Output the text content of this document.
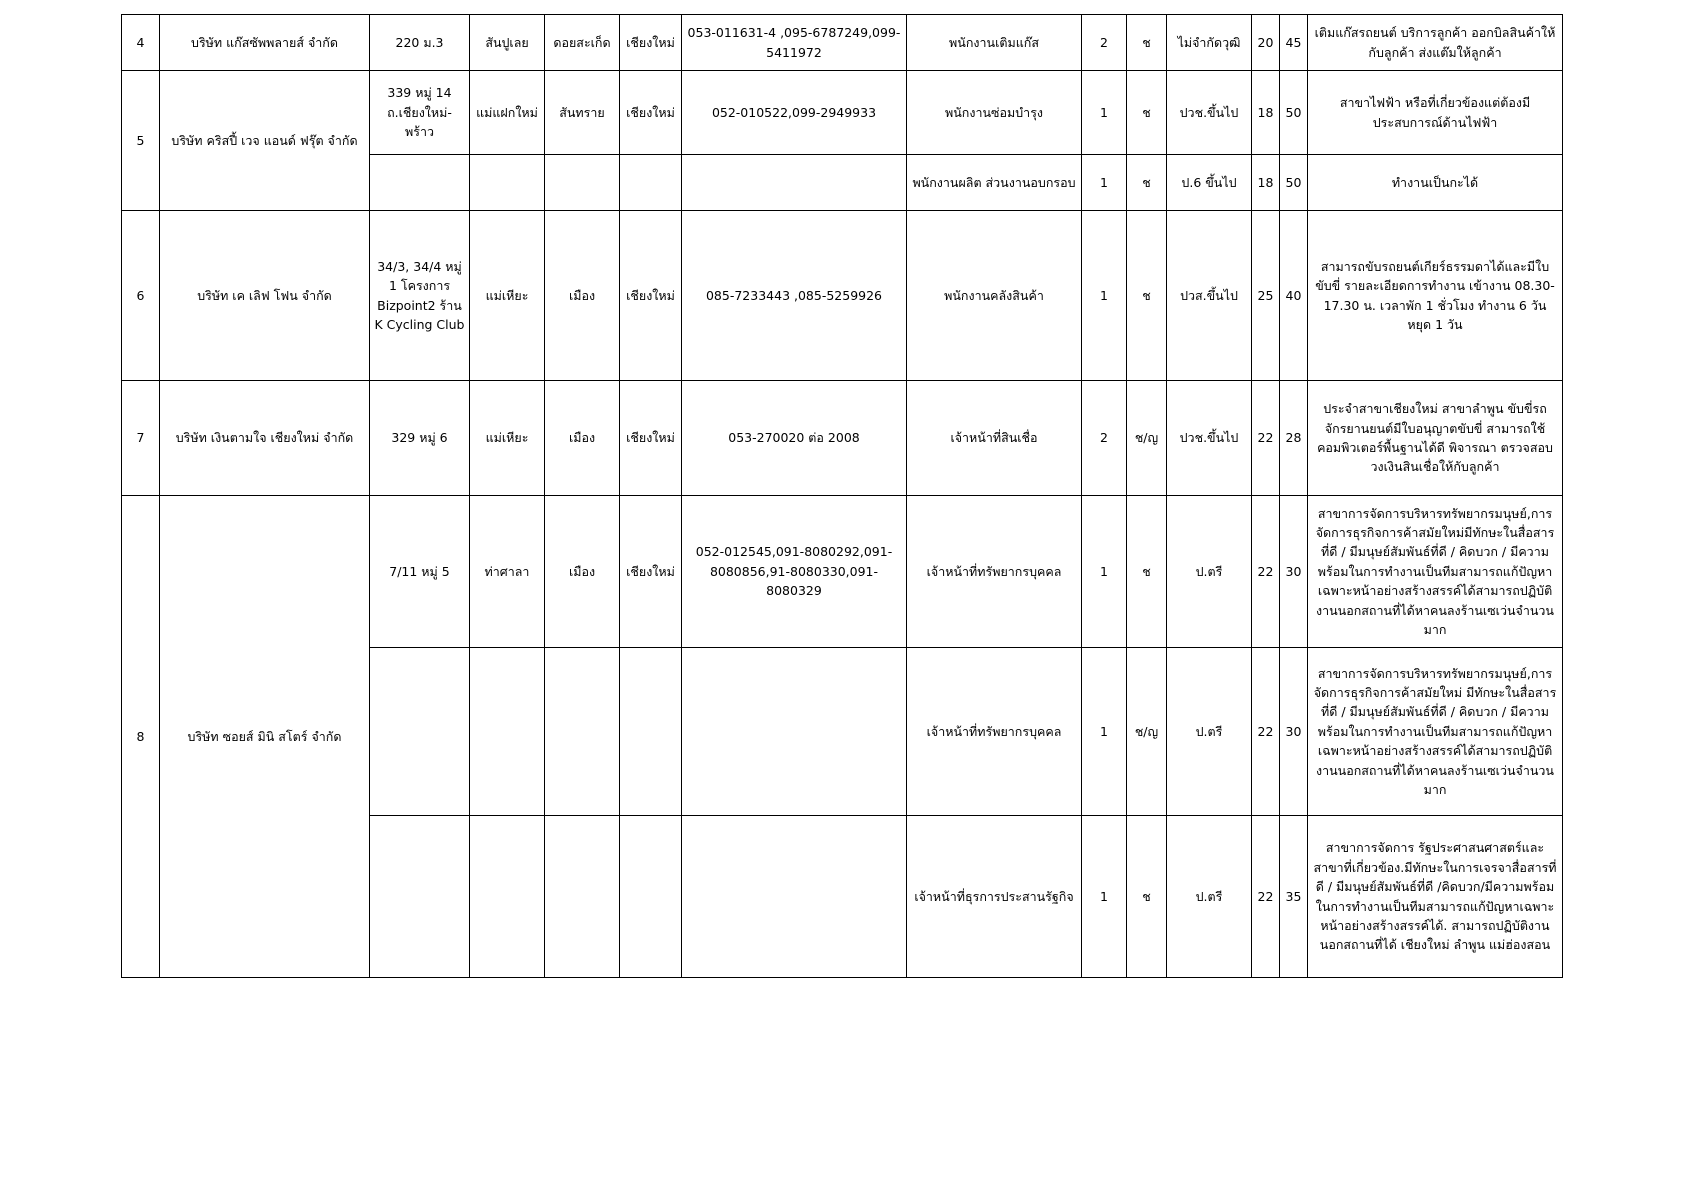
4	บริษัท แก๊สซัพพลายส์ จำกัด	220 ม.3	สันปูเลย	ดอยสะเก็ด	เชียงใหม่	053-011631-4 ,095-6787249,099-5411972	พนักงานเติมแก๊ส	2	ช	ไม่จำกัดวุฒิ	20	45	เติมแก๊สรถยนต์ บริการลูกค้า ออกบิลสินค้าให้กับลูกค้า ส่งแต๊มให้ลูกค้า
5	บริษัท คริสปี้ เวจ แอนด์ ฟรุ๊ต จำกัด	339 หมู่ 14 ถ.เชียงใหม่-พร้าว	แม่แฝกใหม่	สันทราย	เชียงใหม่	052-010522,099-2949933	พนักงานซ่อมบำรุง	1	ช	ปวช.ขึ้นไป	18	50	สาขาไฟฟ้า หรือที่เกี่ยวข้องแต่ต้องมีประสบการณ์ด้านไฟฟ้า
							พนักงานผลิต ส่วนงานอบกรอบ	1	ช	ป.6 ขึ้นไป	18	50	ทำงานเป็นกะได้
6	บริษัท เค เลิฟ โฟน จำกัด	34/3, 34/4 หมู่ 1 โครงการ Bizpoint2 ร้าน K Cycling Club	แม่เหียะ	เมือง	เชียงใหม่	085-7233443 ,085-5259926	พนักงานคลังสินค้า	1	ช	ปวส.ขึ้นไป	25	40	สามารถขับรถยนต์เกียร์ธรรมดาได้และมีใบขับขี่ รายละเอียดการทำงาน เข้างาน 08.30-17.30 น. เวลาพัก 1 ชั่วโมง ทำงาน 6 วันหยุด 1 วัน
7	บริษัท เงินตามใจ เชียงใหม่ จำกัด	329 หมู่ 6	แม่เหียะ	เมือง	เชียงใหม่	053-270020 ต่อ 2008	เจ้าหน้าที่สินเชื่อ	2	ช/ญ	ปวช.ขึ้นไป	22	28	ประจำสาขาเชียงใหม่ สาขาลำพูน ขับขี่รถจักรยานยนต์มีใบอนุญาตขับขี่ สามารถใช้คอมพิวเตอร์พื้นฐานได้ดี พิจารณา ตรวจสอบ วงเงินสินเชื่อให้กับลูกค้า
8	บริษัท ซอยส์ มินิ สโตร์ จำกัด	7/11 หมู่ 5	ท่าศาลา	เมือง	เชียงใหม่	052-012545,091-8080292,091-8080856,91-8080330,091-8080329	เจ้าหน้าที่ทรัพยากรบุคคล	1	ช	ป.ตรี	22	30	สาขาการจัดการบริหารทรัพยากรมนุษย์,การจัดการธุรกิจการค้าสมัยใหม่มีทักษะในสื่อสารที่ดี / มีมนุษย์สัมพันธ์ที่ดี / คิดบวก / มีความพร้อมในการทำงานเป็นทีมสามารถแก้ปัญหาเฉพาะหน้าอย่างสร้างสรรค์ได้สามารถปฏิบัติงานนอกสถานที่ได้หาคนลงร้านเซเว่นจำนวนมาก
							เจ้าหน้าที่ทรัพยากรบุคคล	1	ช/ญ	ป.ตรี	22	30	สาขาการจัดการบริหารทรัพยากรมนุษย์,การจัดการธุรกิจการค้าสมัยใหม่ มีทักษะในสื่อสารที่ดี / มีมนุษย์สัมพันธ์ที่ดี / คิดบวก / มีความพร้อมในการทำงานเป็นทีมสามารถแก้ปัญหาเฉพาะหน้าอย่างสร้างสรรค์ได้สามารถปฏิบัติงานนอกสถานที่ได้หาคนลงร้านเซเว่นจำนวนมาก
							เจ้าหน้าที่ธุรการประสานรัฐกิจ	1	ช	ป.ตรี	22	35	สาขาการจัดการ รัฐประศาสนศาสตร์และสาขาที่เกี่ยวข้อง.มีทักษะในการเจรจาสื่อสารที่ดี / มีมนุษย์สัมพันธ์ที่ดี /คิดบวก/มีความพร้อมในการทำงานเป็นทีมสามารถแก้ปัญหาเฉพาะหน้าอย่างสร้างสรรค์ได้. สามารถปฏิบัติงานนอกสถานที่ได้ เชียงใหม่ ลำพูน แม่ฮ่องสอน
